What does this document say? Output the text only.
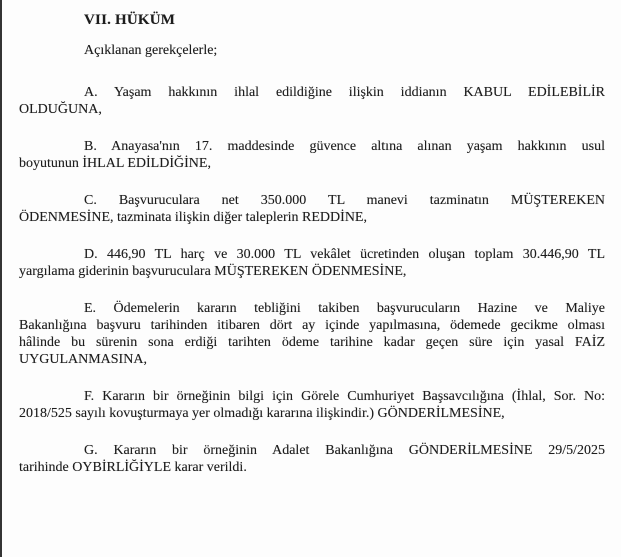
VII. HÜKÜM
Açıklanan gerekçelerle;
A. Yaşam hakkının ihlal edildiğine ilişkin iddianın KABUL EDİLEBİLİR
OLDUĞUNA,
B. Anayasa'nın 17. maddesinde güvence altına alınan yaşam hakkının usul
boyutunun İHLAL EDİLDİĞİNE,
C. Başvuruculara net 350.000 TL manevi tazminatın MÜŞTEREKEN
ÖDENMESİNE, tazminata ilişkin diğer taleplerin REDDİNE,
D. 446,90 TL harç ve 30.000 TL vekâlet ücretinden oluşan toplam 30.446,90 TL
yargılama giderinin başvuruculara MÜŞTEREKEN ÖDENMESİNE,
E. Ödemelerin kararın tebliğini takiben başvurucuların Hazine ve Maliye
Bakanlığına başvuru tarihinden itibaren dört ay içinde yapılmasına, ödemede gecikme olması
hâlinde bu sürenin sona erdiği tarihten ödeme tarihine kadar geçen süre için yasal FAİZ
UYGULANMASINA,
F. Kararın bir örneğinin bilgi için Görele Cumhuriyet Başsavcılığına (İhlal, Sor. No:
2018/525 sayılı kovuşturmaya yer olmadığı kararına ilişkindir.) GÖNDERİLMESİNE,
G. Kararın bir örneğinin Adalet Bakanlığına GÖNDERİLMESİNE 29/5/2025
tarihinde OYBİRLİĞİYLE karar verildi.
